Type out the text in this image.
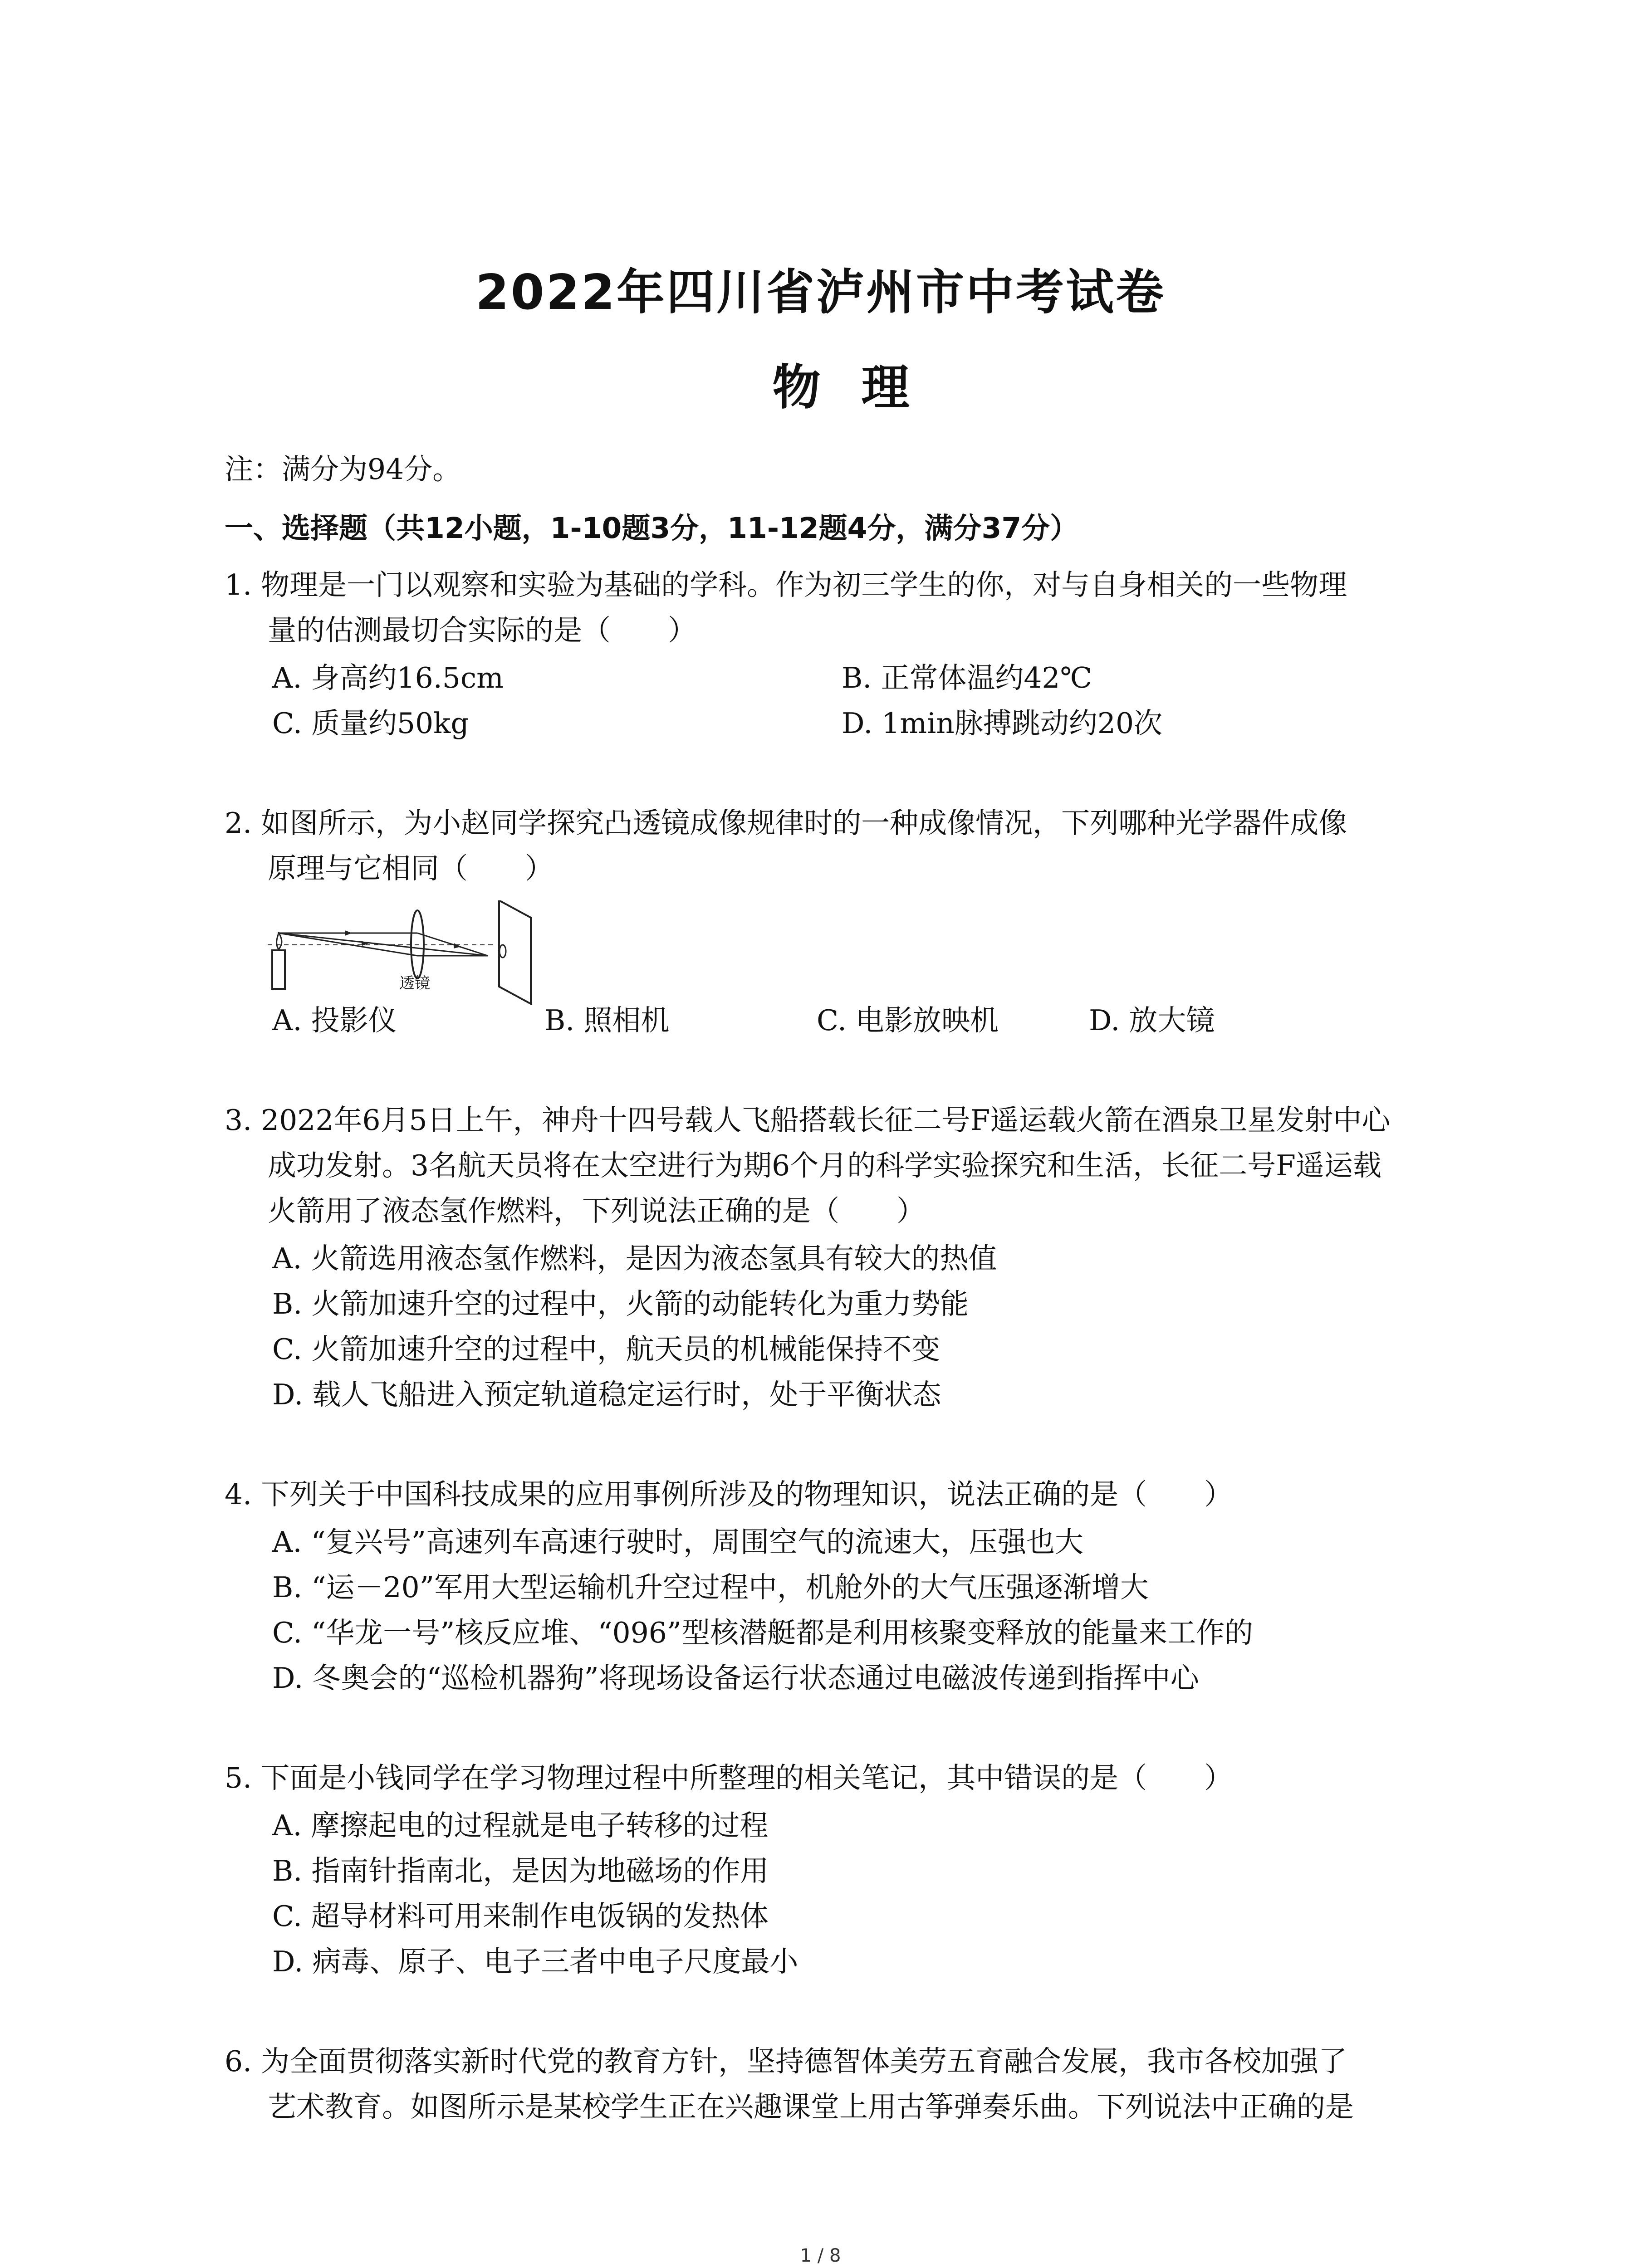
2022年四川省泸州市中考试卷
物理
注：满分为94分。
一、选择题（共12小题，1-10题3分，11-12题4分，满分37分）
1. 物理是一门以观察和实验为基础的学科。作为初三学生的你，对与自身相关的一些物理
量的估测最切合实际的是（　　）
A. 身高约16.5cm	B. 正常体温约42℃
C. 质量约50kg	D. 1min脉搏跳动约20次
2. 如图所示，为小赵同学探究凸透镜成像规律时的一种成像情况，下列哪种光学器件成像
原理与它相同（　　）
透镜
A. 投影仪	B. 照相机	C. 电影放映机	D. 放大镜
3. 2022年6月5日上午，神舟十四号载人飞船搭载长征二号F遥运载火箭在酒泉卫星发射中心
成功发射。3名航天员将在太空进行为期6个月的科学实验探究和生活，长征二号F遥运载
火箭用了液态氢作燃料，下列说法正确的是（　　）
A. 火箭选用液态氢作燃料，是因为液态氢具有较大的热值
B. 火箭加速升空的过程中，火箭的动能转化为重力势能
C. 火箭加速升空的过程中，航天员的机械能保持不变
D. 载人飞船进入预定轨道稳定运行时，处于平衡状态
4. 下列关于中国科技成果的应用事例所涉及的物理知识，说法正确的是（　　）
A. “复兴号”高速列车高速行驶时，周围空气的流速大，压强也大
B. “运－20”军用大型运输机升空过程中，机舱外的大气压强逐渐增大
C. “华龙一号”核反应堆、“096”型核潜艇都是利用核聚变释放的能量来工作的
D. 冬奥会的“巡检机器狗”将现场设备运行状态通过电磁波传递到指挥中心
5. 下面是小钱同学在学习物理过程中所整理的相关笔记，其中错误的是（　　）
A. 摩擦起电的过程就是电子转移的过程
B. 指南针指南北，是因为地磁场的作用
C. 超导材料可用来制作电饭锅的发热体
D. 病毒、原子、电子三者中电子尺度最小
6. 为全面贯彻落实新时代党的教育方针，坚持德智体美劳五育融合发展，我市各校加强了
艺术教育。如图所示是某校学生正在兴趣课堂上用古筝弹奏乐曲。下列说法中正确的是
1 / 8
